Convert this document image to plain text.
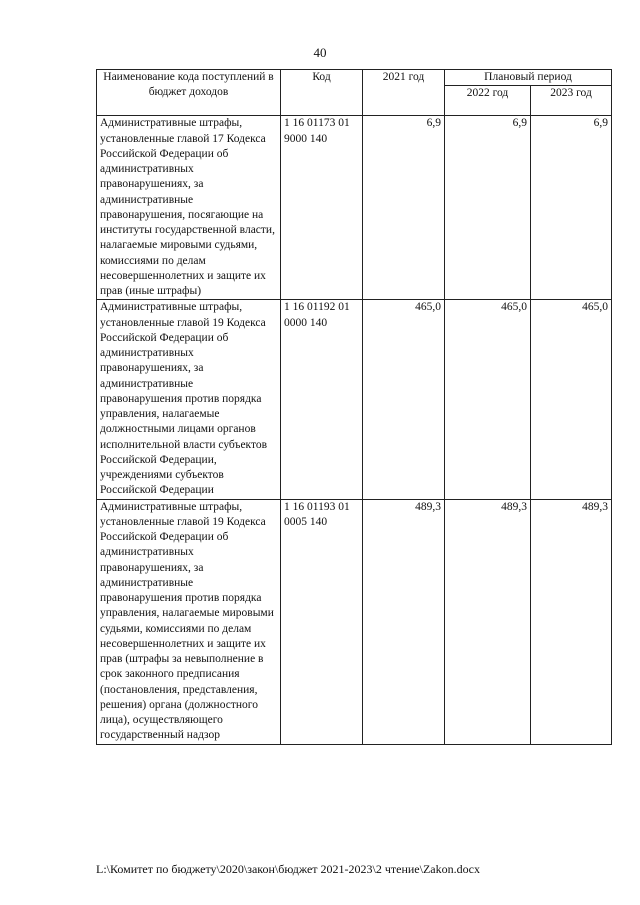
40
Наименование кода поступлений в бюджет доходов	Код	2021 год	Плановый период	
			2022 год	2023 год
Административные штрафы, установленные главой 17 Кодекса Российской Федерации об административных правонарушениях, за административные правонарушения, посягающие на институты государственной власти, налагаемые мировыми судьями, комиссиями по делам несовершеннолетних и защите их прав (иные штрафы)	1 16 01173 01 9000 140	6,9	6,9	6,9
Административные штрафы, установленные главой 19 Кодекса Российской Федерации об административных правонарушениях, за административные правонарушения против порядка управления, налагаемые должностными лицами органов исполнительной власти субъектов Российской Федерации, учреждениями субъектов Российской Федерации	1 16 01192 01 0000 140	465,0	465,0	465,0
Административные штрафы, установленные главой 19 Кодекса Российской Федерации об административных правонарушениях, за административные правонарушения против порядка управления, налагаемые мировыми судьями, комиссиями по делам несовершеннолетних и защите их прав (штрафы за невыполнение в срок законного предписания (постановления, представления, решения) органа (должностного лица), осуществляющего государственный надзор	1 16 01193 01 0005 140	489,3	489,3	489,3
L:\Комитет по бюджету\2020\закон\бюджет 2021-2023\2 чтение\Zakon.docx
